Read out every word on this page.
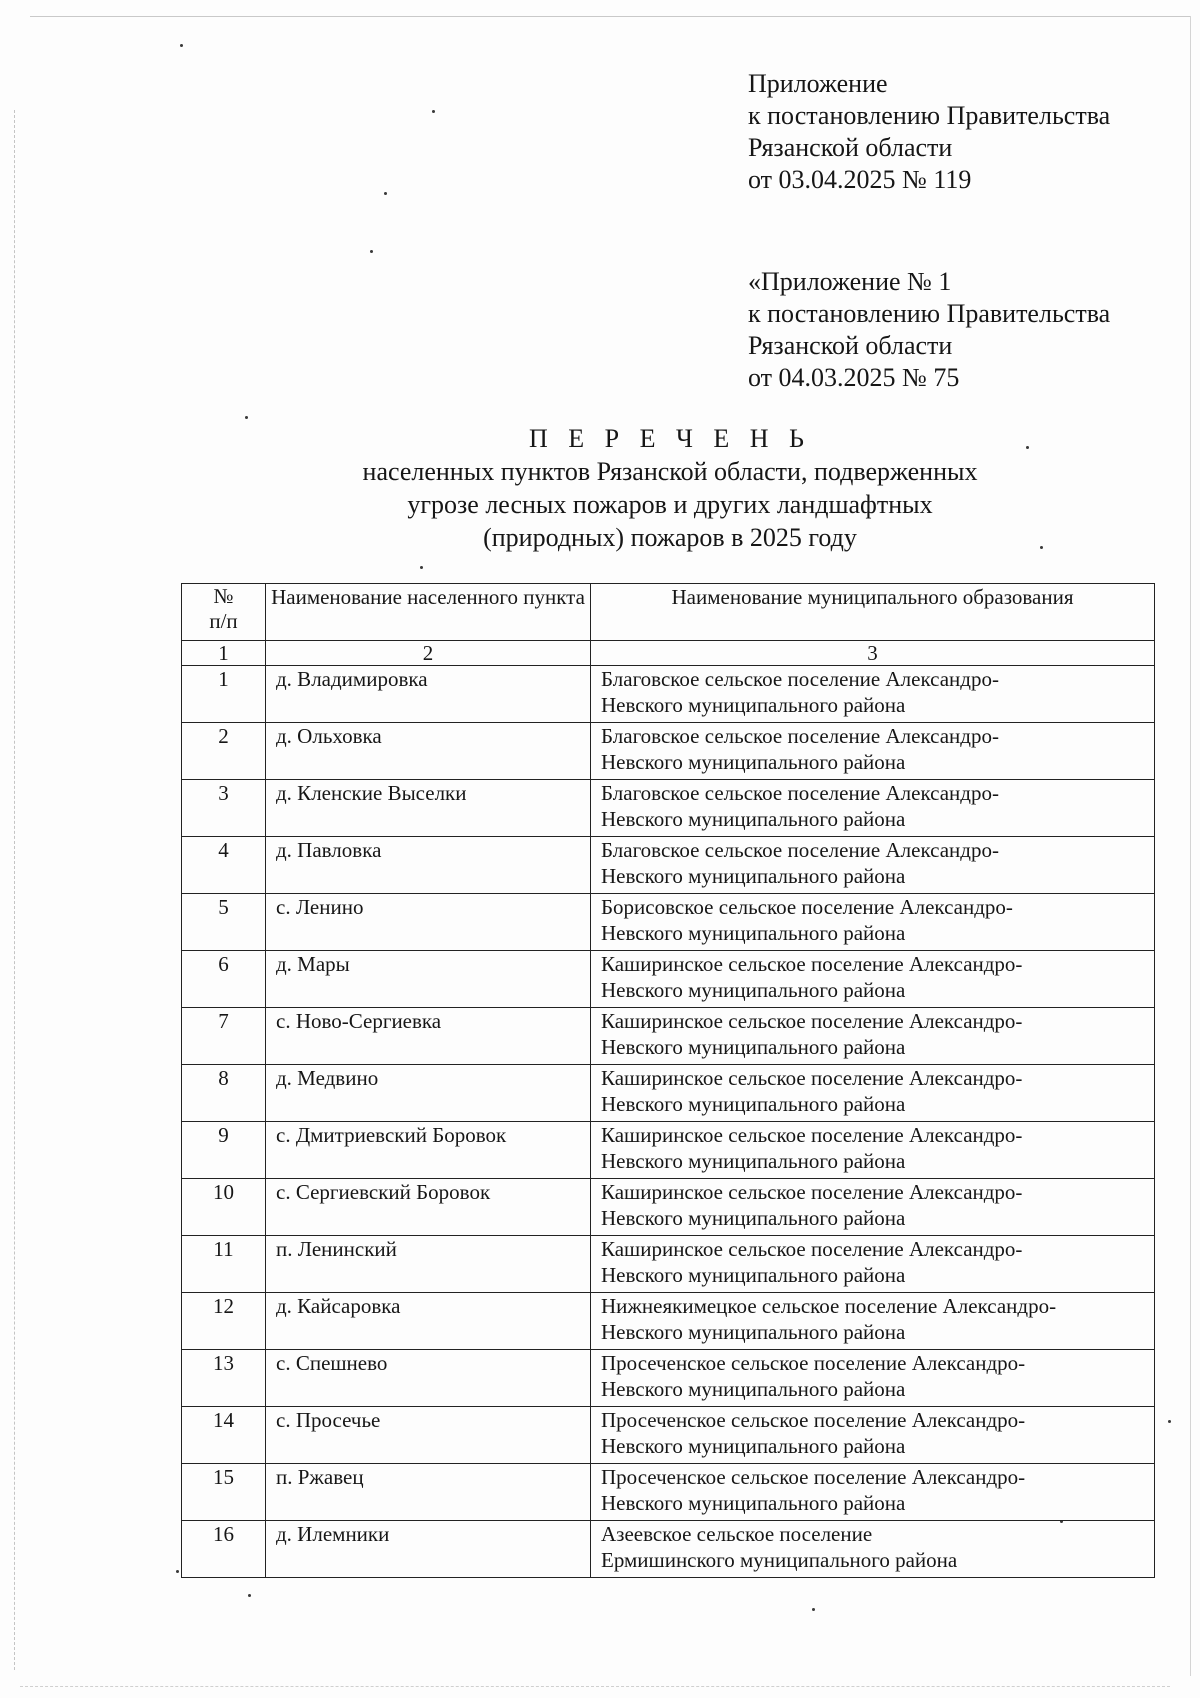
Приложение
к постановлению Правительства
Рязанской области
от 03.04.2025 № 119
«Приложение № 1
к постановлению Правительства
Рязанской области
от 04.03.2025 № 75
П Е Р Е Ч Е Н Ь
населенных пунктов Рязанской области, подверженных
угрозе лесных пожаров и других ландшафтных
(природных) пожаров в 2025 году
№
п/п	Наименование населенного пункта	Наименование муниципального образования
1	2	3
1	д. Владимировка	Благовское сельское поселение Александро-
Невского муниципального района

2	д. Ольховка	Благовское сельское поселение Александро-
Невского муниципального района

3	д. Кленские Выселки	Благовское сельское поселение Александро-
Невского муниципального района

4	д. Павловка	Благовское сельское поселение Александро-
Невского муниципального района

5	с. Ленино	Борисовское сельское поселение Александро-
Невского муниципального района

6	д. Мары	Каширинское сельское поселение Александро-
Невского муниципального района

7	с. Ново-Сергиевка	Каширинское сельское поселение Александро-
Невского муниципального района

8	д. Медвино	Каширинское сельское поселение Александро-
Невского муниципального района

9	с. Дмитриевский Боровок	Каширинское сельское поселение Александро-
Невского муниципального района

10	с. Сергиевский Боровок	Каширинское сельское поселение Александро-
Невского муниципального района

11	п. Ленинский	Каширинское сельское поселение Александро-
Невского муниципального района

12	д. Кайсаровка	Нижнеякимецкое сельское поселение Александро-
Невского муниципального района

13	с. Спешнево	Просеченское сельское поселение Александро-
Невского муниципального района

14	с. Просечье	Просеченское сельское поселение Александро-
Невского муниципального района

15	п. Ржавец	Просеченское сельское поселение Александро-
Невского муниципального района

16	д. Илемники	Азеевское сельское поселение
Ермишинского муниципального района
